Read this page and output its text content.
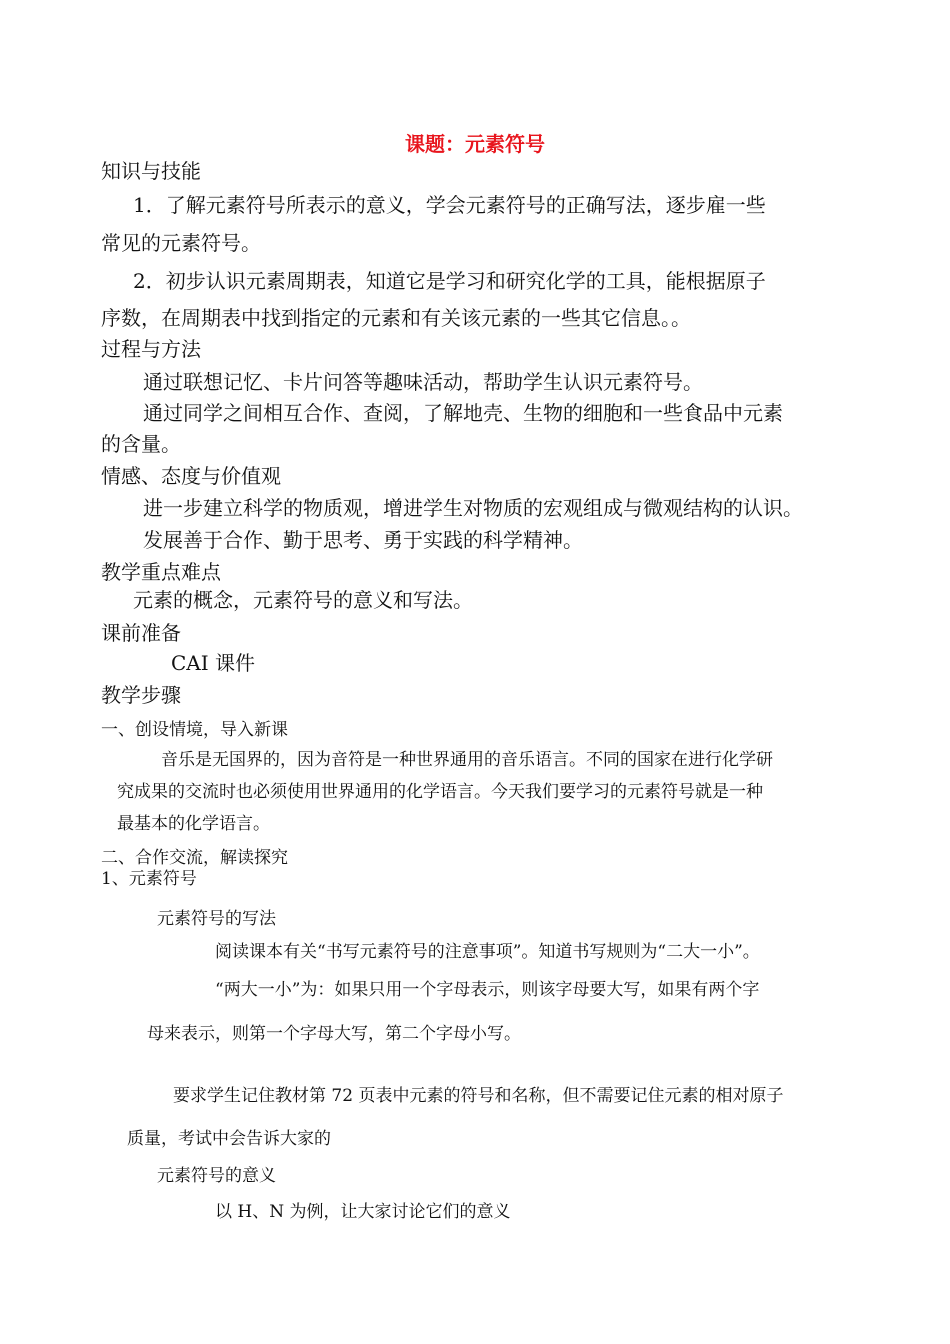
课题：元素符号
知识与技能
1．了解元素符号所表示的意义，学会元素符号的正确写法，逐步雇一些
常见的元素符号。
2．初步认识元素周期表，知道它是学习和研究化学的工具，能根据原子
序数，在周期表中找到指定的元素和有关该元素的一些其它信息。。
过程与方法
通过联想记忆、卡片问答等趣味活动，帮助学生认识元素符号。
通过同学之间相互合作、查阅，了解地壳、生物的细胞和一些食品中元素
的含量。
情感、态度与价值观
进一步建立科学的物质观，增进学生对物质的宏观组成与微观结构的认识。
发展善于合作、勤于思考、勇于实践的科学精神。
教学重点难点
元素的概念，元素符号的意义和写法。
课前准备
CAI 课件
教学步骤
一、创设情境，导入新课
音乐是无国界的，因为音符是一种世界通用的音乐语言。不同的国家在进行化学研
究成果的交流时也必须使用世界通用的化学语言。今天我们要学习的元素符号就是一种
最基本的化学语言。
二、合作交流，解读探究
1、元素符号
元素符号的写法
阅读课本有关“书写元素符号的注意事项”。知道书写规则为“二大一小”。
“两大一小”为：如果只用一个字母表示，则该字母要大写，如果有两个字
母来表示，则第一个字母大写，第二个字母小写。
要求学生记住教材第 72 页表中元素的符号和名称，但不需要记住元素的相对原子
质量，考试中会告诉大家的
元素符号的意义
以 H、N 为例，让大家讨论它们的意义
